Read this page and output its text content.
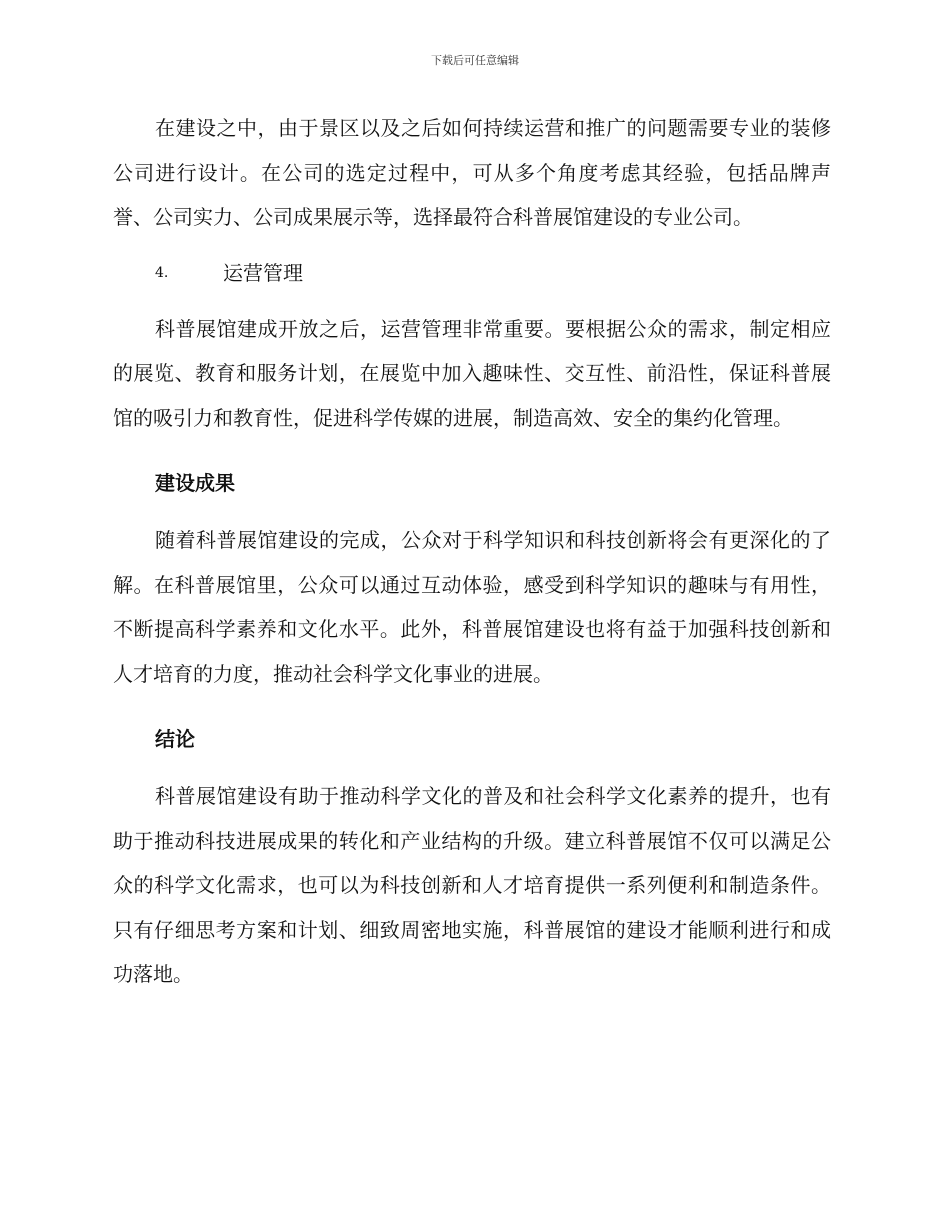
下载后可任意编辑

在建设之中，由于景区以及之后如何持续运营和推广的问题需要专业的装修公司进行设计。在公司的选定过程中，可从多个角度考虑其经验，包括品牌声誉、公司实力、公司成果展示等，选择最符合科普展馆建设的专业公司。

4.	运营管理

科普展馆建成开放之后，运营管理非常重要。要根据公众的需求，制定相应的展览、教育和服务计划，在展览中加入趣味性、交互性、前沿性，保证科普展馆的吸引力和教育性，促进科学传媒的进展，制造高效、安全的集约化管理。

建设成果

随着科普展馆建设的完成，公众对于科学知识和科技创新将会有更深化的了解。在科普展馆里，公众可以通过互动体验，感受到科学知识的趣味与有用性，不断提高科学素养和文化水平。此外，科普展馆建设也将有益于加强科技创新和人才培育的力度，推动社会科学文化事业的进展。

结论

科普展馆建设有助于推动科学文化的普及和社会科学文化素养的提升，也有助于推动科技进展成果的转化和产业结构的升级。建立科普展馆不仅可以满足公众的科学文化需求，也可以为科技创新和人才培育提供一系列便利和制造条件。只有仔细思考方案和计划、细致周密地实施，科普展馆的建设才能顺利进行和成功落地。
